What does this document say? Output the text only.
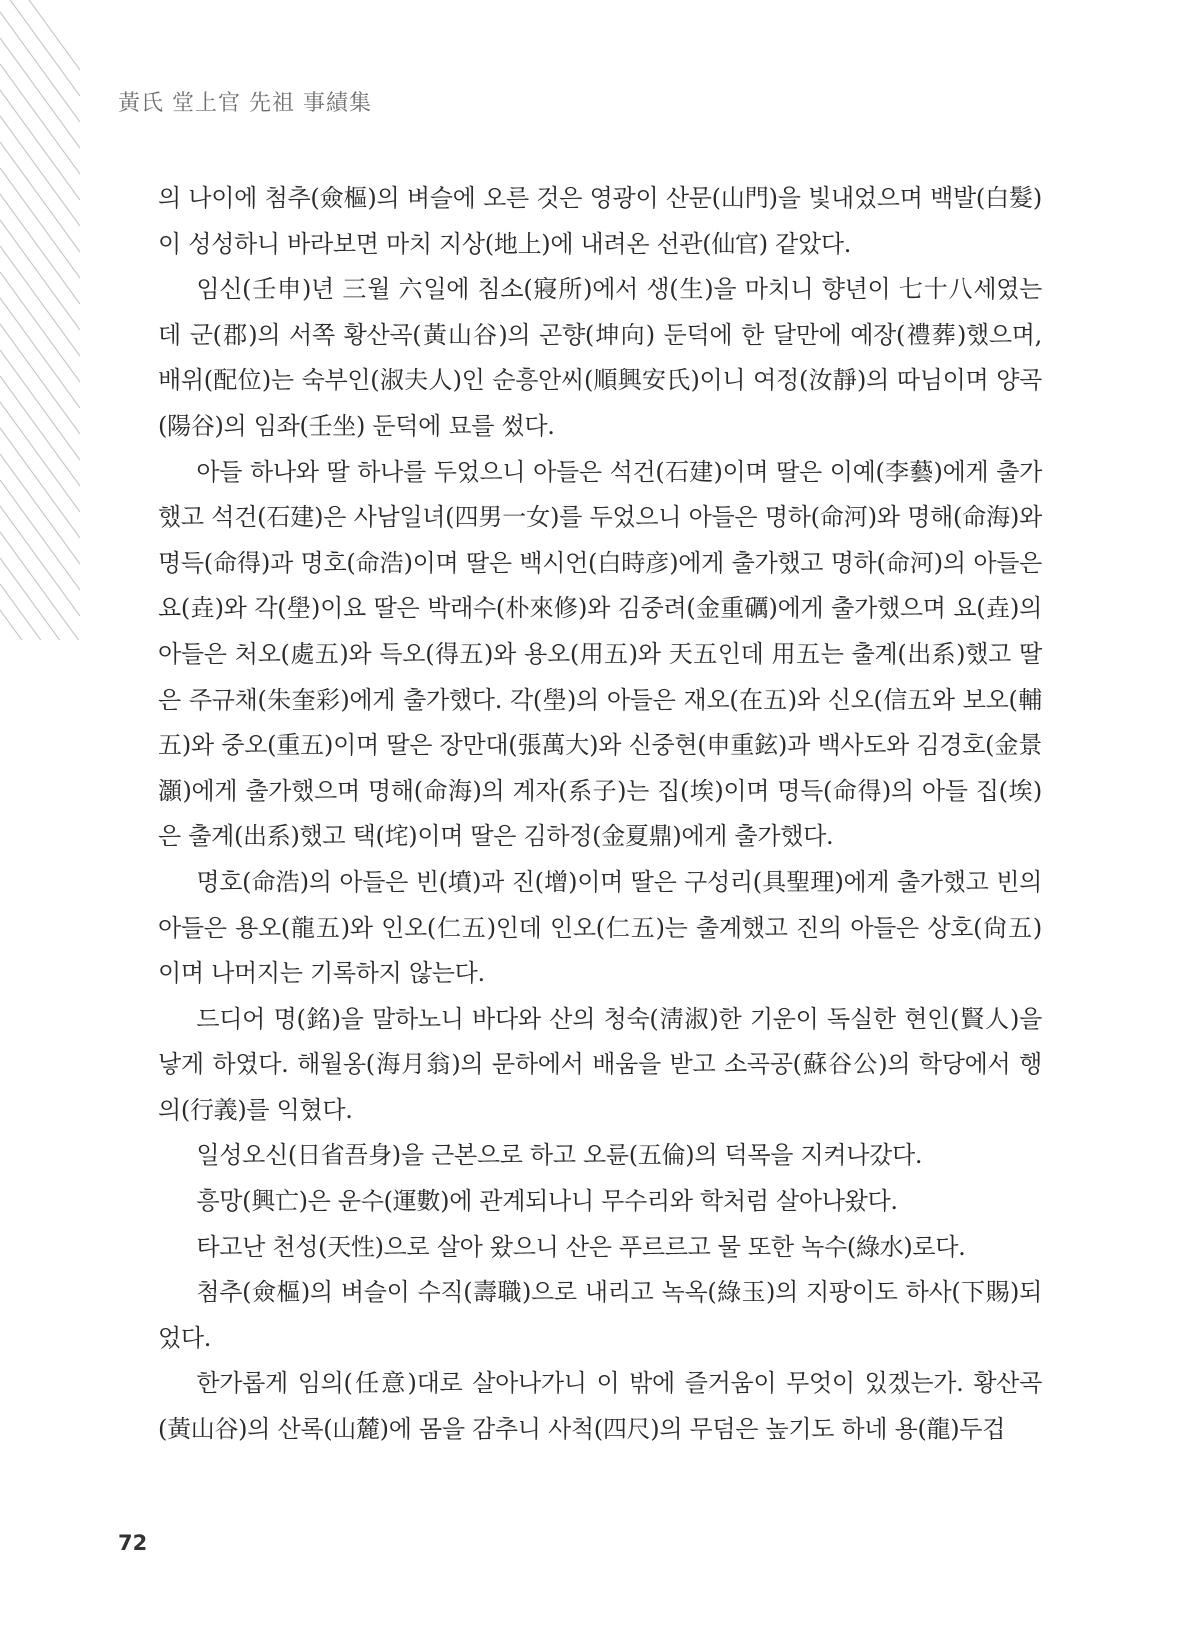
黃氏 堂上官 先祖 事績集

의 나이에 첨추(僉樞)의 벼슬에 오른 것은 영광이 산문(山門)을 빛내었으며 백발(白髮)이 성성하니 바라보면 마치 지상(地上)에 내려온 선관(仙官) 같았다.

임신(壬申)년 三월 六일에 침소(寢所)에서 생(生)을 마치니 향년이 七十八세였는데 군(郡)의 서쪽 황산곡(黃山谷)의 곤향(坤向) 둔덕에 한 달만에 예장(禮葬)했으며, 배위(配位)는 숙부인(淑夫人)인 순흥안씨(順興安氏)이니 여정(汝靜)의 따님이며 양곡(陽谷)의 임좌(壬坐) 둔덕에 묘를 썼다.

아들 하나와 딸 하나를 두었으니 아들은 석건(石建)이며 딸은 이예(李藝)에게 출가했고 석건(石建)은 사남일녀(四男一女)를 두었으니 아들은 명하(命河)와 명해(命海)와 명득(命得)과 명호(命浩)이며 딸은 백시언(白時彦)에게 출가했고 명하(命河)의 아들은 요(垚)와 각(壆)이요 딸은 박래수(朴來修)와 김중려(金重礪)에게 출가했으며 요(垚)의 아들은 처오(處五)와 득오(得五)와 용오(用五)와 天五인데 用五는 출계(出系)했고 딸은 주규채(朱奎彩)에게 출가했다. 각(壆)의 아들은 재오(在五)와 신오(信五와 보오(輔五)와 중오(重五)이며 딸은 장만대(張萬大)와 신중현(申重鉉)과 백사도와 김경호(金景灝)에게 출가했으며 명해(命海)의 계자(系子)는 집(埃)이며 명득(命得)의 아들 집(埃)은 출계(出系)했고 택(垞)이며 딸은 김하정(金夏鼎)에게 출가했다.

명호(命浩)의 아들은 빈(墳)과 진(增)이며 딸은 구성리(具聖理)에게 출가했고 빈의 아들은 용오(龍五)와 인오(仁五)인데 인오(仁五)는 출계했고 진의 아들은 상호(尙五)이며 나머지는 기록하지 않는다.

드디어 명(銘)을 말하노니 바다와 산의 청숙(淸淑)한 기운이 독실한 현인(賢人)을 낳게 하였다. 해월옹(海月翁)의 문하에서 배움을 받고 소곡공(蘇谷公)의 학당에서 행의(行義)를 익혔다.

일성오신(日省吾身)을 근본으로 하고 오륜(五倫)의 덕목을 지켜나갔다.

흥망(興亡)은 운수(運數)에 관계되나니 무수리와 학처럼 살아나왔다.

타고난 천성(天性)으로 살아 왔으니 산은 푸르르고 물 또한 녹수(綠水)로다.

첨추(僉樞)의 벼슬이 수직(壽職)으로 내리고 녹옥(綠玉)의 지팡이도 하사(下賜)되었다.

한가롭게 임의(任意)대로 살아나가니 이 밖에 즐거움이 무엇이 있겠는가. 황산곡(黃山谷)의 산록(山麓)에 몸을 감추니 사척(四尺)의 무덤은 높기도 하네 용(龍)두겁

72
